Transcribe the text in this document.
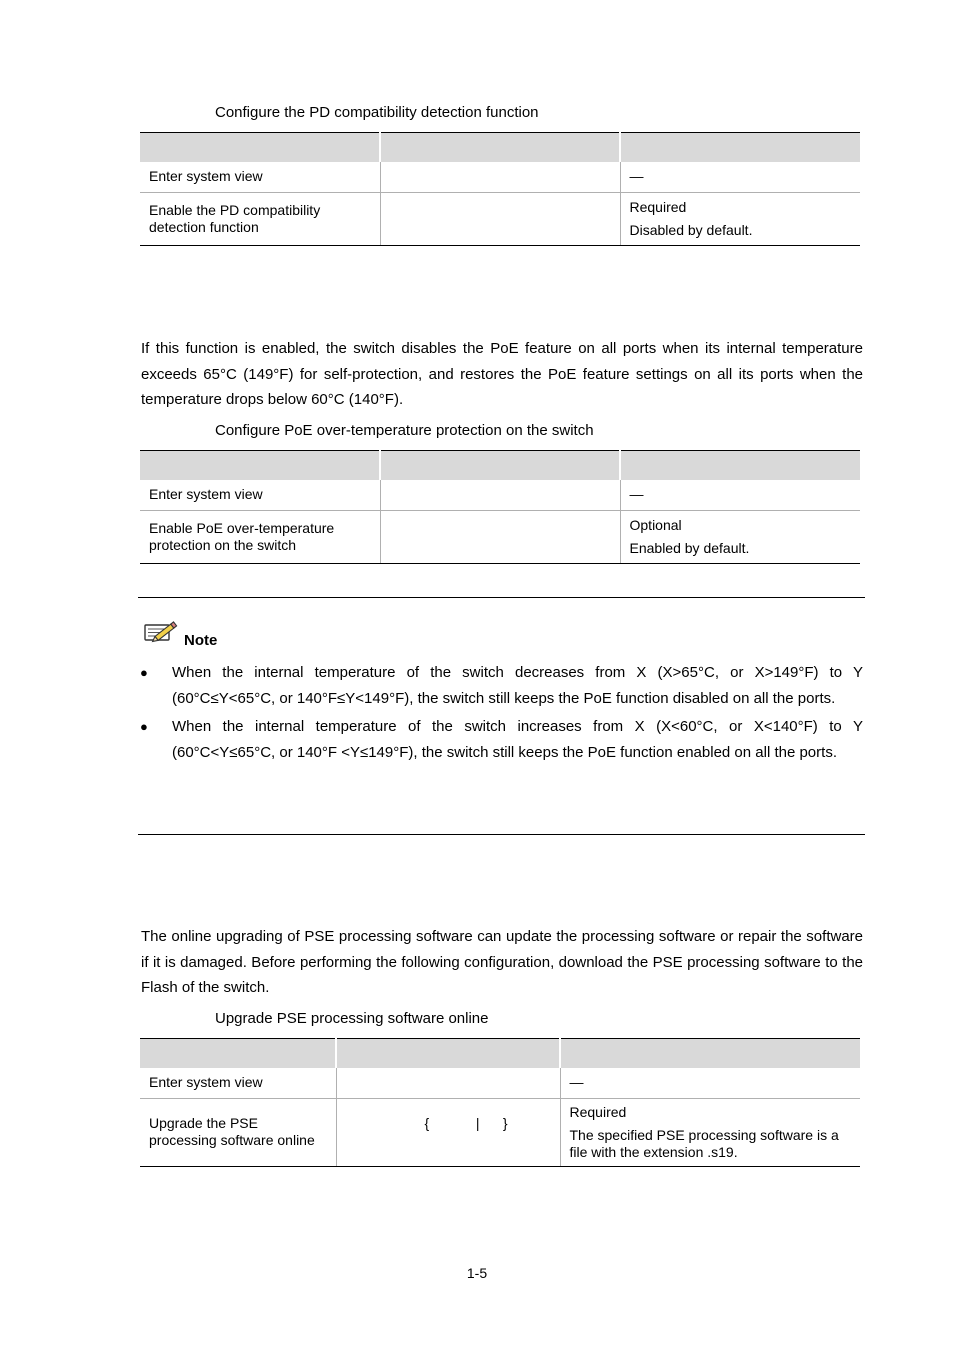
Configure the PD compatibility detection function

Enter system view		—

Enable the PD compatibility detection function		Required
Disabled by default.
If this function is enabled, the switch disables the PoE feature on all ports when its internal temperature exceeds 65°C (149°F) for self-protection, and restores the PoE feature settings on all its ports when the temperature drops below 60°C (140°F).
Configure PoE over-temperature protection on the switch

Enter system view		—

Enable PoE over-temperature protection on the switch		Optional
Enabled by default.
Note
● When the internal temperature of the switch decreases from X (X>65°C, or X>149°F) to Y (60°C≤Y<65°C, or 140°F≤Y<149°F), the switch still keeps the PoE function disabled on all the ports.
● When the internal temperature of the switch increases from X (X<60°C, or X<140°F) to Y (60°C<Y≤65°C, or 140°F <Y≤149°F), the switch still keeps the PoE function enabled on all the ports.
The online upgrading of PSE processing software can update the processing software or repair the software if it is damaged. Before performing the following configuration, download the PSE processing software to the Flash of the switch.
Upgrade PSE processing software online

Enter system view		—

Upgrade the PSE processing software online	{            |      }	Required
The specified PSE processing software is a file with the extension .s19.
1-5
